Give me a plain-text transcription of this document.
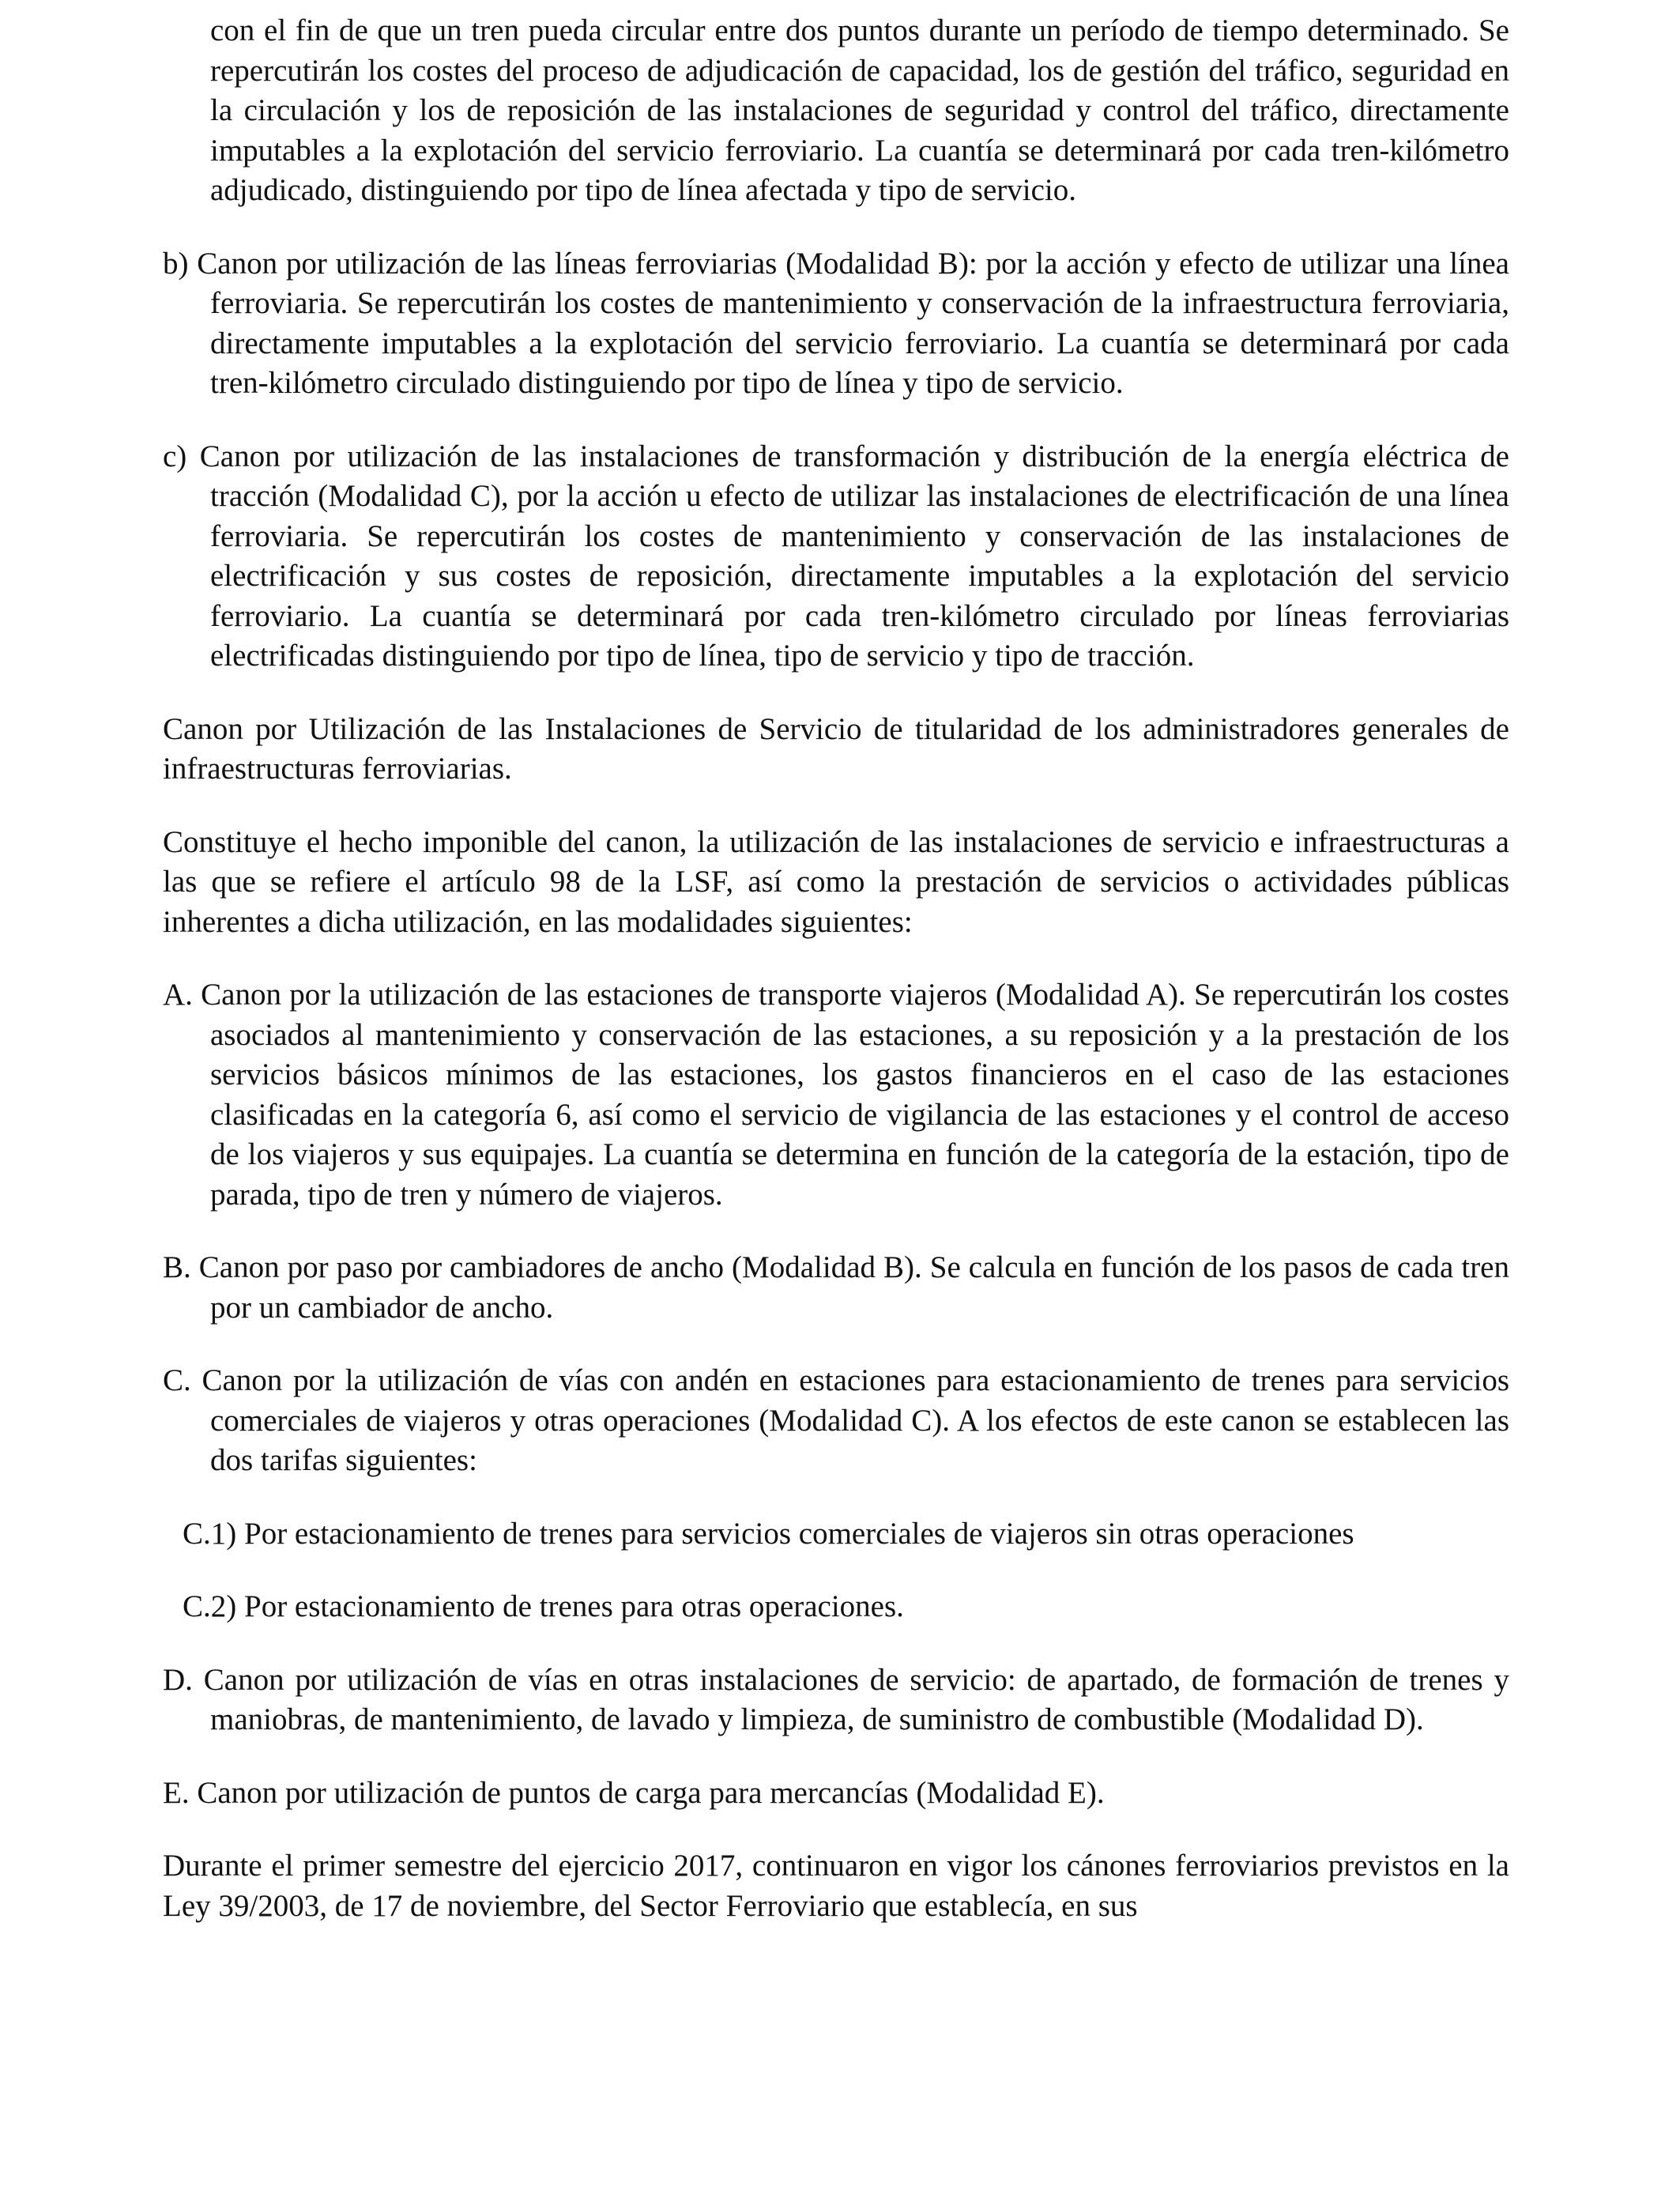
con el fin de que un tren pueda circular entre dos puntos durante un período de tiempo determinado. Se repercutirán los costes del proceso de adjudicación de capacidad, los de gestión del tráfico, seguridad en la circulación y los de reposición de las instalaciones de seguridad y control del tráfico, directamente imputables a la explotación del servicio ferroviario. La cuantía se determinará por cada tren-kilómetro adjudicado, distinguiendo por tipo de línea afectada y tipo de servicio.

b) Canon por utilización de las líneas ferroviarias (Modalidad B): por la acción y efecto de utilizar una línea ferroviaria. Se repercutirán los costes de mantenimiento y conservación de la infraestructura ferroviaria, directamente imputables a la explotación del servicio ferroviario. La cuantía se determinará por cada tren-kilómetro circulado distinguiendo por tipo de línea y tipo de servicio.

c) Canon por utilización de las instalaciones de transformación y distribución de la energía eléctrica de tracción (Modalidad C), por la acción u efecto de utilizar las instalaciones de electrificación de una línea ferroviaria. Se repercutirán los costes de mantenimiento y conservación de las instalaciones de electrificación y sus costes de reposición, directamente imputables a la explotación del servicio ferroviario. La cuantía se determinará por cada tren-kilómetro circulado por líneas ferroviarias electrificadas distinguiendo por tipo de línea, tipo de servicio y tipo de tracción.

Canon por Utilización de las Instalaciones de Servicio de titularidad de los administradores generales de infraestructuras ferroviarias.

Constituye el hecho imponible del canon, la utilización de las instalaciones de servicio e infraestructuras a las que se refiere el artículo 98 de la LSF, así como la prestación de servicios o actividades públicas inherentes a dicha utilización, en las modalidades siguientes:

A. Canon por la utilización de las estaciones de transporte viajeros (Modalidad A). Se repercutirán los costes asociados al mantenimiento y conservación de las estaciones, a su reposición y a la prestación de los servicios básicos mínimos de las estaciones, los gastos financieros en el caso de las estaciones clasificadas en la categoría 6, así como el servicio de vigilancia de las estaciones y el control de acceso de los viajeros y sus equipajes. La cuantía se determina en función de la categoría de la estación, tipo de parada, tipo de tren y número de viajeros.

B. Canon por paso por cambiadores de ancho (Modalidad B). Se calcula en función de los pasos de cada tren por un cambiador de ancho.

C. Canon por la utilización de vías con andén en estaciones para estacionamiento de trenes para servicios comerciales de viajeros y otras operaciones (Modalidad C). A los efectos de este canon se establecen las dos tarifas siguientes:

C.1) Por estacionamiento de trenes para servicios comerciales de viajeros sin otras operaciones

C.2) Por estacionamiento de trenes para otras operaciones.

D. Canon por utilización de vías en otras instalaciones de servicio: de apartado, de formación de trenes y maniobras, de mantenimiento, de lavado y limpieza, de suministro de combustible (Modalidad D).

E. Canon por utilización de puntos de carga para mercancías (Modalidad E).

Durante el primer semestre del ejercicio 2017, continuaron en vigor los cánones ferroviarios previstos en la Ley 39/2003, de 17 de noviembre, del Sector Ferroviario que establecía, en sus
